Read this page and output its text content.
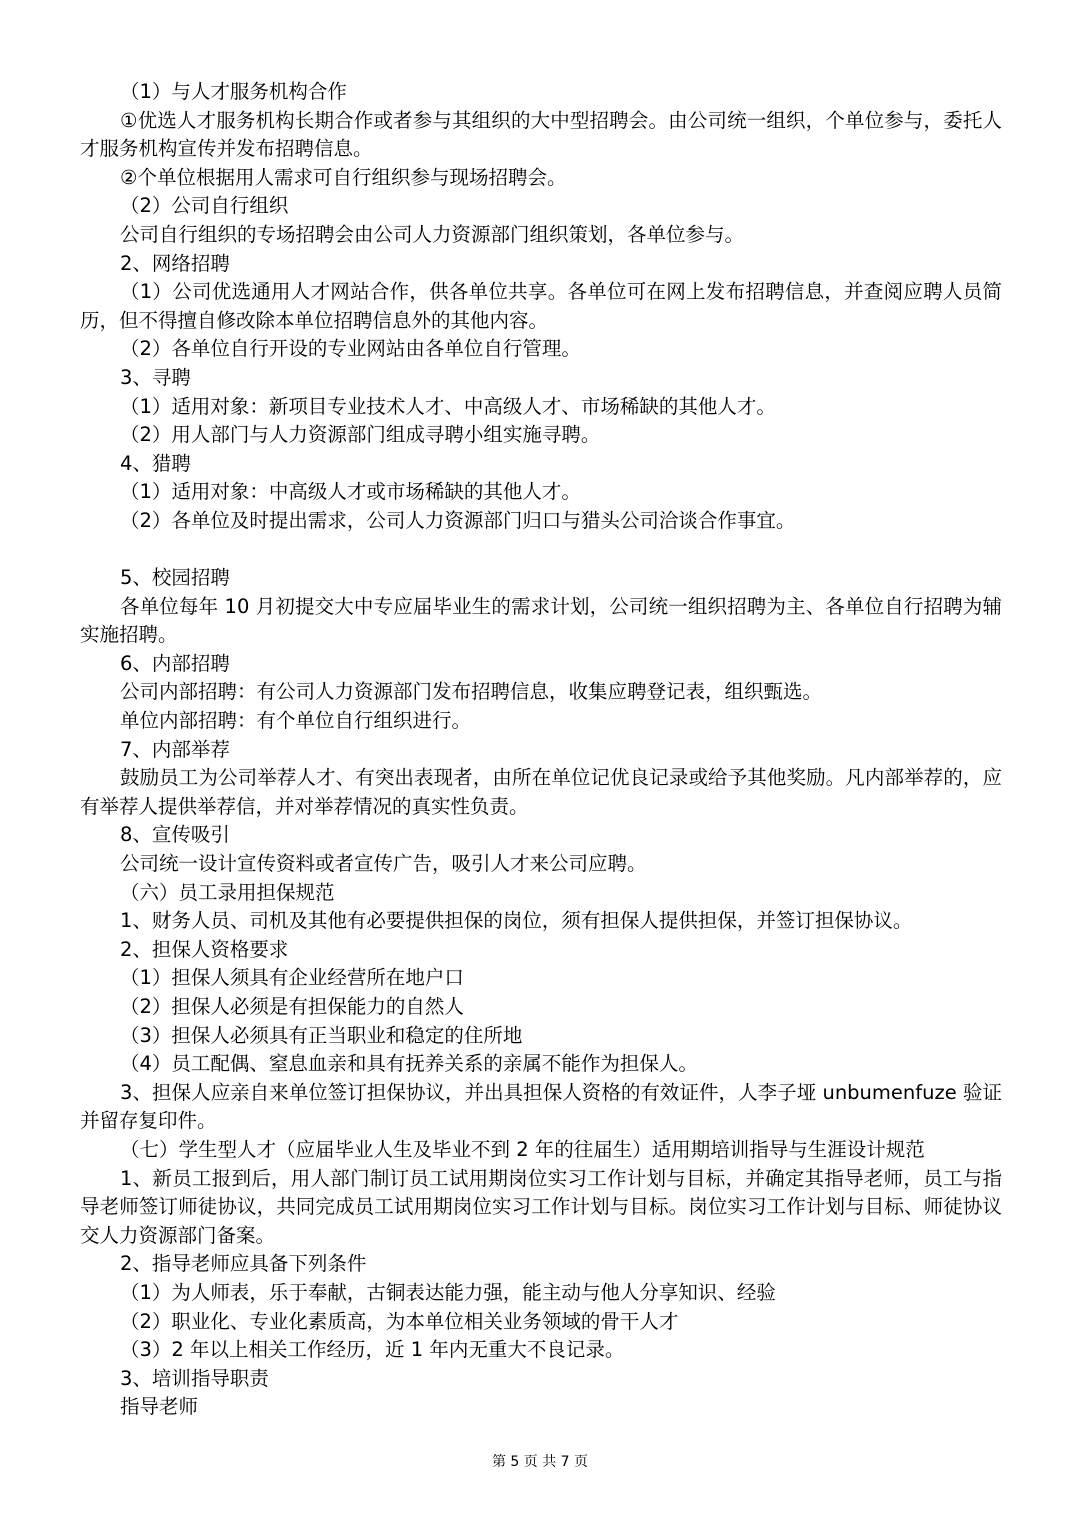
（1）与人才服务机构合作

①优选人才服务机构长期合作或者参与其组织的大中型招聘会。由公司统一组织，个单位参与，委托人才服务机构宣传并发布招聘信息。

②个单位根据用人需求可自行组织参与现场招聘会。

（2）公司自行组织

公司自行组织的专场招聘会由公司人力资源部门组织策划，各单位参与。

2、网络招聘

（1）公司优选通用人才网站合作，供各单位共享。各单位可在网上发布招聘信息，并查阅应聘人员简历，但不得擅自修改除本单位招聘信息外的其他内容。

（2）各单位自行开设的专业网站由各单位自行管理。

3、寻聘

（1）适用对象：新项目专业技术人才、中高级人才、市场稀缺的其他人才。

（2）用人部门与人力资源部门组成寻聘小组实施寻聘。

4、猎聘

（1）适用对象：中高级人才或市场稀缺的其他人才。

（2）各单位及时提出需求，公司人力资源部门归口与猎头公司洽谈合作事宜。

5、校园招聘

各单位每年 10 月初提交大中专应届毕业生的需求计划，公司统一组织招聘为主、各单位自行招聘为辅实施招聘。

6、内部招聘

公司内部招聘：有公司人力资源部门发布招聘信息，收集应聘登记表，组织甄选。

单位内部招聘：有个单位自行组织进行。

7、内部举荐

鼓励员工为公司举荐人才、有突出表现者，由所在单位记优良记录或给予其他奖励。凡内部举荐的，应有举荐人提供举荐信，并对举荐情况的真实性负责。

8、宣传吸引

公司统一设计宣传资料或者宣传广告，吸引人才来公司应聘。

（六）员工录用担保规范

1、财务人员、司机及其他有必要提供担保的岗位，须有担保人提供担保，并签订担保协议。

2、担保人资格要求

（1）担保人须具有企业经营所在地户口

（2）担保人必须是有担保能力的自然人

（3）担保人必须具有正当职业和稳定的住所地

（4）员工配偶、窒息血亲和具有抚养关系的亲属不能作为担保人。

3、担保人应亲自来单位签订担保协议，并出具担保人资格的有效证件，人李子垭 unbumenfuze 验证并留存复印件。

（七）学生型人才（应届毕业人生及毕业不到 2 年的往届生）适用期培训指导与生涯设计规范

1、新员工报到后，用人部门制订员工试用期岗位实习工作计划与目标，并确定其指导老师，员工与指导老师签订师徒协议，共同完成员工试用期岗位实习工作计划与目标。岗位实习工作计划与目标、师徒协议交人力资源部门备案。

2、指导老师应具备下列条件

（1）为人师表，乐于奉献，古铜表达能力强，能主动与他人分享知识、经验

（2）职业化、专业化素质高，为本单位相关业务领域的骨干人才

（3）2 年以上相关工作经历，近 1 年内无重大不良记录。

3、培训指导职责

指导老师

第 5 页 共 7 页
